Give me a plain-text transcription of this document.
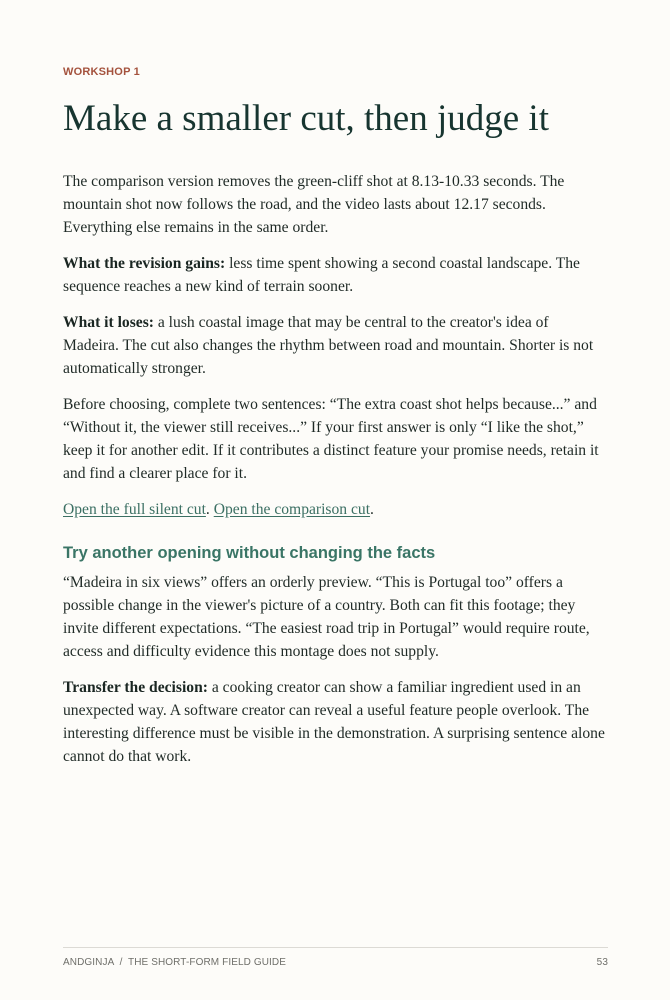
WORKSHOP 1
Make a smaller cut, then judge it

The comparison version removes the green-cliff shot at 8.13-10.33 seconds. The mountain shot now follows the road, and the video lasts about 12.17 seconds. Everything else remains in the same order.

What the revision gains: less time spent showing a second coastal landscape. The sequence reaches a new kind of terrain sooner.

What it loses: a lush coastal image that may be central to the creator's idea of Madeira. The cut also changes the rhythm between road and mountain. Shorter is not automatically stronger.

Before choosing, complete two sentences: “The extra coast shot helps because...” and “Without it, the viewer still receives...” If your first answer is only “I like the shot,” keep it for another edit. If it contributes a distinct feature your promise needs, retain it and find a clearer place for it.

Open the full silent cut. Open the comparison cut.

Try another opening without changing the facts

“Madeira in six views” offers an orderly preview. “This is Portugal too” offers a possible change in the viewer's picture of a country. Both can fit this footage; they invite different expectations. “The easiest road trip in Portugal” would require route, access and difficulty evidence this montage does not supply.

Transfer the decision: a cooking creator can show a familiar ingredient used in an unexpected way. A software creator can reveal a useful feature people overlook. The interesting difference must be visible in the demonstration. A surprising sentence alone cannot do that work.

ANDGINJA  /  THE SHORT-FORM FIELD GUIDE	53
